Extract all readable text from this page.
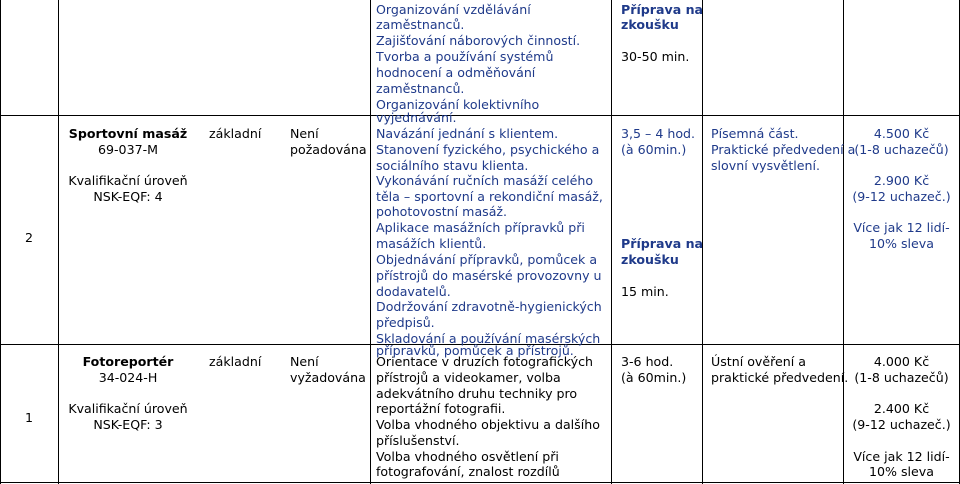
Organizování vzdělávání
zaměstnanců.
Zajišťování náborových činností.
Tvorba a používání systémů
hodnocení a odměňování
zaměstnanců.
Organizování kolektivního
vyjednávání.
Příprava na
zkoušku
30-50 min.
2
Sportovní masáž
69-037-M
Kvalifikační úroveň
NSK-EQF: 4
základní Není
požadována
Navázání jednání s klientem.
Stanovení fyzického, psychického a
sociálního stavu klienta.
Vykonávání ručních masáží celého
těla – sportovní a rekondiční masáž,
pohotovostní masáž.
Aplikace masážních přípravků při
masážích klientů.
Objednávání přípravků, pomůcek a
přístrojů do masérské provozovny u
dodavatelů.
Dodržování zdravotně-hygienických
předpisů.
Skladování a používání masérských
přípravků, pomůcek a přístrojů.
3,5 – 4 hod.
(à 60min.)
Příprava na
zkoušku
15 min.
Písemná část.
Praktické předvedení a
slovní vysvětlení.
4.500 Kč
(1-8 uchazečů)
2.900 Kč
(9-12 uchazeč.)
Více jak 12 lidí-
10% sleva
1
Fotoreportér
34-024-H
Kvalifikační úroveň
NSK-EQF: 3
základní Není
vyžadována
Orientace v druzích fotografických
přístrojů a videokamer, volba
adekvátního druhu techniky pro
reportážní fotografii.
Volba vhodného objektivu a dalšího
příslušenství.
Volba vhodného osvětlení při
fotografování, znalost rozdílů
3-6 hod.
(à 60min.)
Ústní ověření a
praktické předvedení.
4.000 Kč
(1-8 uchazečů)
2.400 Kč
(9-12 uchazeč.)
Více jak 12 lidí-
10% sleva
